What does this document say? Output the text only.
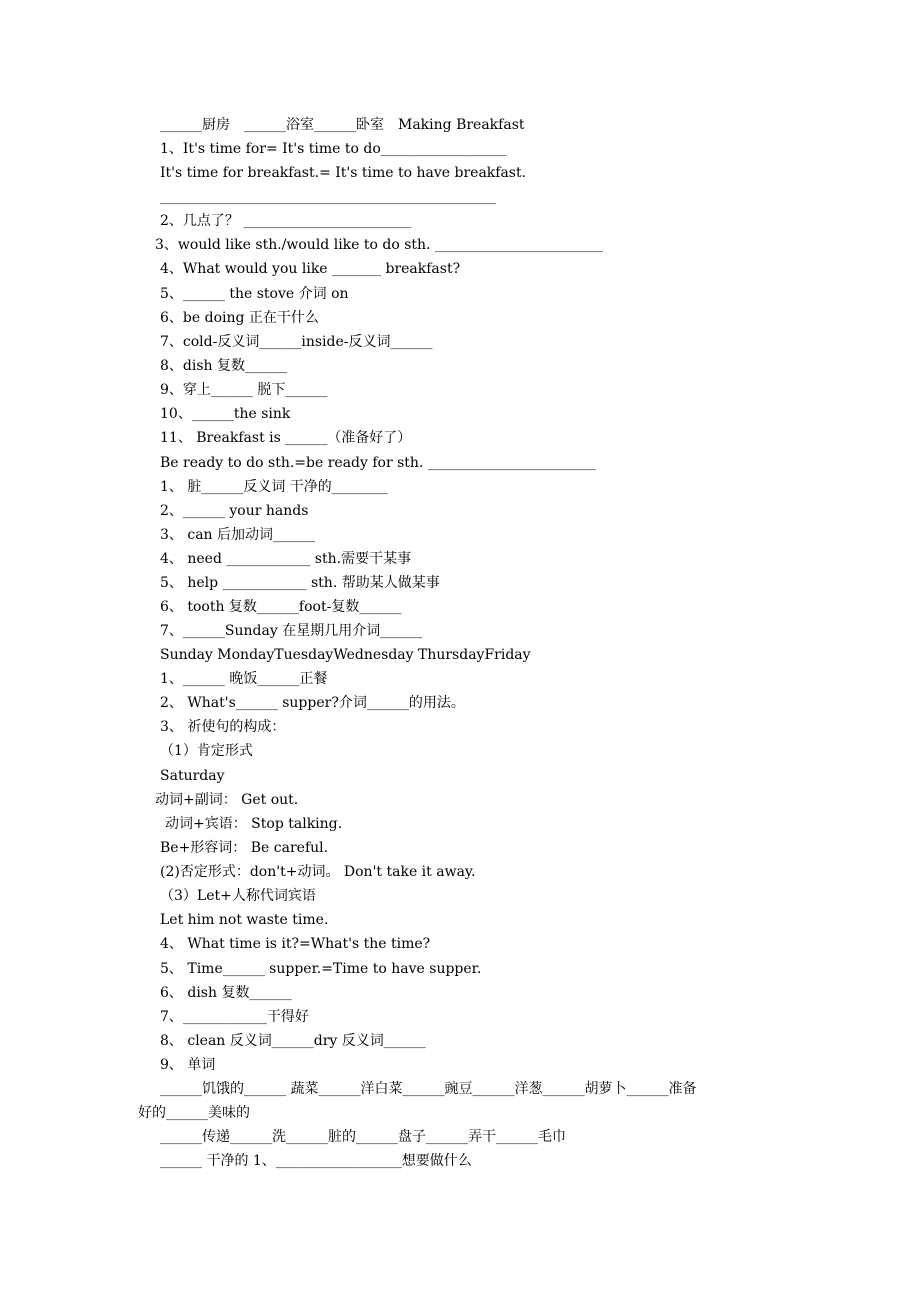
______厨房　______浴室______卧室　Making Breakfast
1、It's time for= It's time to do__________________
It's time for breakfast.= It's time to have breakfast.
________________________________________________
2、几点了？ ________________________
3、would like sth./would like to do sth. ________________________
4、What would you like _______ breakfast?
5、______ the stove 介词 on
6、be doing 正在干什么
7、cold-反义词______inside-反义词______
8、dish 复数______
9、穿上______ 脱下______
10、______the sink
11、 Breakfast is ______（准备好了）
Be ready to do sth.=be ready for sth. ________________________
1、 脏______反义词 干净的________
2、______ your hands
3、 can 后加动词______
4、 need ____________ sth.需要干某事
5、 help ____________ sth. 帮助某人做某事
6、 tooth 复数______foot-复数______
7、______Sunday 在星期几用介词______
Sunday MondayTuesdayWednesday ThursdayFriday
1、______ 晚饭______正餐
2、 What's______ supper?介词______的用法。
3、 祈使句的构成：
（1）肯定形式
Saturday
动词+副词： Get out.
动词+宾语： Stop talking.
Be+形容词： Be careful.
(2)否定形式：don't+动词。 Don't take it away.
（3）Let+人称代词宾语
Let him not waste time.
4、 What time is it?=What's the time?
5、 Time______ supper.=Time to have supper.
6、 dish 复数______
7、____________干得好
8、 clean 反义词______dry 反义词______
9、 单词
______饥饿的______ 蔬菜______洋白菜______豌豆______洋葱______胡萝卜______准备
好的______美味的
______传递______洗______脏的______盘子______弄干______毛巾
______ 干净的 1、__________________想要做什么
